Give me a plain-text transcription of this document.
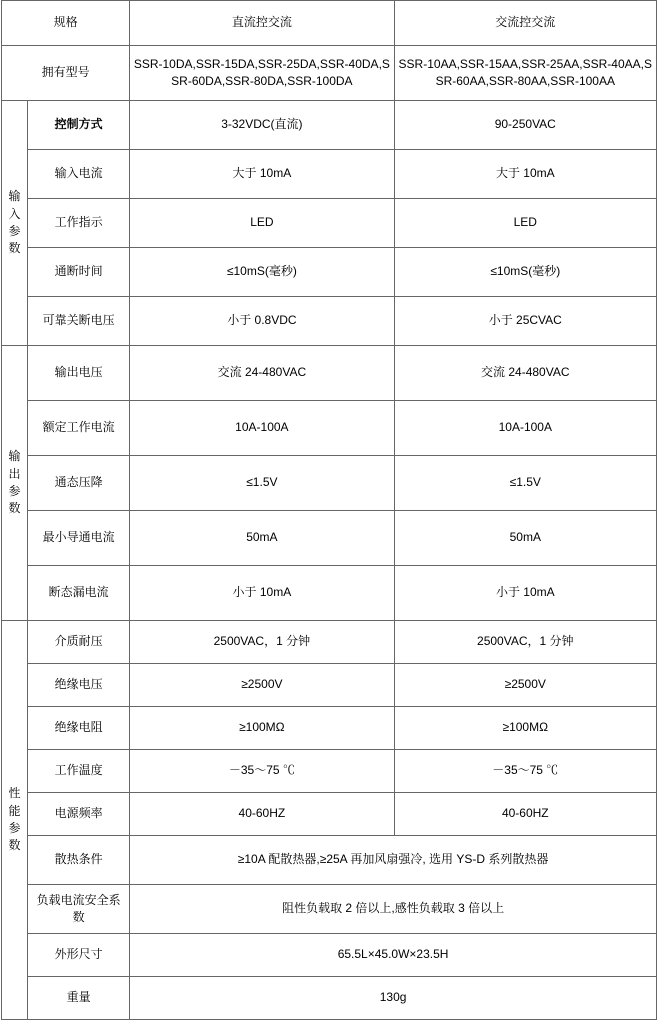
规格		直流控交流	交流控交流
拥有型号		SSR-10DA,SSR-15DA,SSR-25DA,SSR-40DA,SSR-60DA,SSR-80DA,SSR-100DA	SSR-10AA,SSR-15AA,SSR-25AA,SSR-40AA,SSR-60AA,SSR-80AA,SSR-100AA

输
入
参
数	控制方式	3-32VDC(直流)	90-250VAC
	输入电流	大于 10mA	大于 10mA
	工作指示	LED	LED
	通断时间	≤10mS(毫秒)	≤10mS(毫秒)
	可靠关断电压	小于 0.8VDC	小于 25CVAC

输
出
参
数	输出电压	交流 24-480VAC	交流 24-480VAC
	额定工作电流	10A-100A	10A-100A
	通态压降	≤1.5V	≤1.5V
	最小导通电流	50mA	50mA
	断态漏电流	小于 10mA	小于 10mA

性
能
参
数	介质耐压	2500VAC，1 分钟	2500VAC，1 分钟
	绝缘电压	≥2500V	≥2500V
	绝缘电阻	≥100MΩ	≥100MΩ
	工作温度	－35～75 ℃	－35～75 ℃
	电源频率	40-60HZ	40-60HZ
	散热条件	≥10A 配散热器,≥25A 再加风扇强冷, 选用 YS-D 系列散热器	
	负载电流安全系数	阻性负载取 2 倍以上,感性负载取 3 倍以上	
	外形尺寸	65.5L×45.0W×23.5H	
	重量	130g	
